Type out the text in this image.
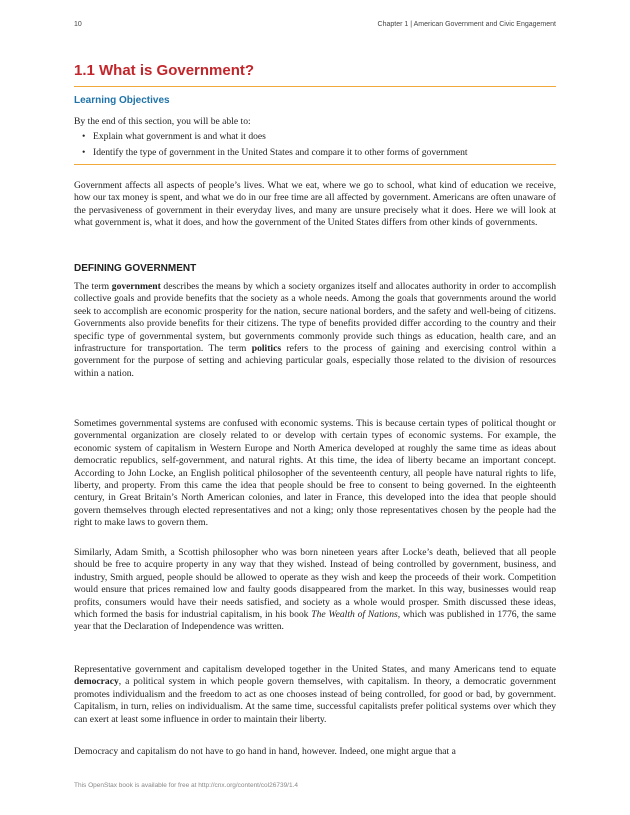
10	Chapter 1 | American Government and Civic Engagement
1.1 What is Government?
Learning Objectives

By the end of this section, you will be able to:

• Explain what government is and what it does
• Identify the type of government in the United States and compare it to other forms of government

Government affects all aspects of people’s lives. What we eat, where we go to school, what kind of education we receive, how our tax money is spent, and what we do in our free time are all affected by government. Americans are often unaware of the pervasiveness of government in their everyday lives, and many are unsure precisely what it does. Here we will look at what government is, what it does, and how the government of the United States differs from other kinds of governments.

DEFINING GOVERNMENT

The term government describes the means by which a society organizes itself and allocates authority in order to accomplish collective goals and provide benefits that the society as a whole needs. Among the goals that governments around the world seek to accomplish are economic prosperity for the nation, secure national borders, and the safety and well-being of citizens. Governments also provide benefits for their citizens. The type of benefits provided differ according to the country and their specific type of governmental system, but governments commonly provide such things as education, health care, and an infrastructure for transportation. The term politics refers to the process of gaining and exercising control within a government for the purpose of setting and achieving particular goals, especially those related to the division of resources within a nation.

Sometimes governmental systems are confused with economic systems. This is because certain types of political thought or governmental organization are closely related to or develop with certain types of economic systems. For example, the economic system of capitalism in Western Europe and North America developed at roughly the same time as ideas about democratic republics, self-government, and natural rights. At this time, the idea of liberty became an important concept. According to John Locke, an English political philosopher of the seventeenth century, all people have natural rights to life, liberty, and property. From this came the idea that people should be free to consent to being governed. In the eighteenth century, in Great Britain’s North American colonies, and later in France, this developed into the idea that people should govern themselves through elected representatives and not a king; only those representatives chosen by the people had the right to make laws to govern them.

Similarly, Adam Smith, a Scottish philosopher who was born nineteen years after Locke’s death, believed that all people should be free to acquire property in any way that they wished. Instead of being controlled by government, business, and industry, Smith argued, people should be allowed to operate as they wish and keep the proceeds of their work. Competition would ensure that prices remained low and faulty goods disappeared from the market. In this way, businesses would reap profits, consumers would have their needs satisfied, and society as a whole would prosper. Smith discussed these ideas, which formed the basis for industrial capitalism, in his book The Wealth of Nations, which was published in 1776, the same year that the Declaration of Independence was written.

Representative government and capitalism developed together in the United States, and many Americans tend to equate democracy, a political system in which people govern themselves, with capitalism. In theory, a democratic government promotes individualism and the freedom to act as one chooses instead of being controlled, for good or bad, by government. Capitalism, in turn, relies on individualism. At the same time, successful capitalists prefer political systems over which they can exert at least some influence in order to maintain their liberty.

Democracy and capitalism do not have to go hand in hand, however. Indeed, one might argue that a

This OpenStax book is available for free at http://cnx.org/content/col26739/1.4
